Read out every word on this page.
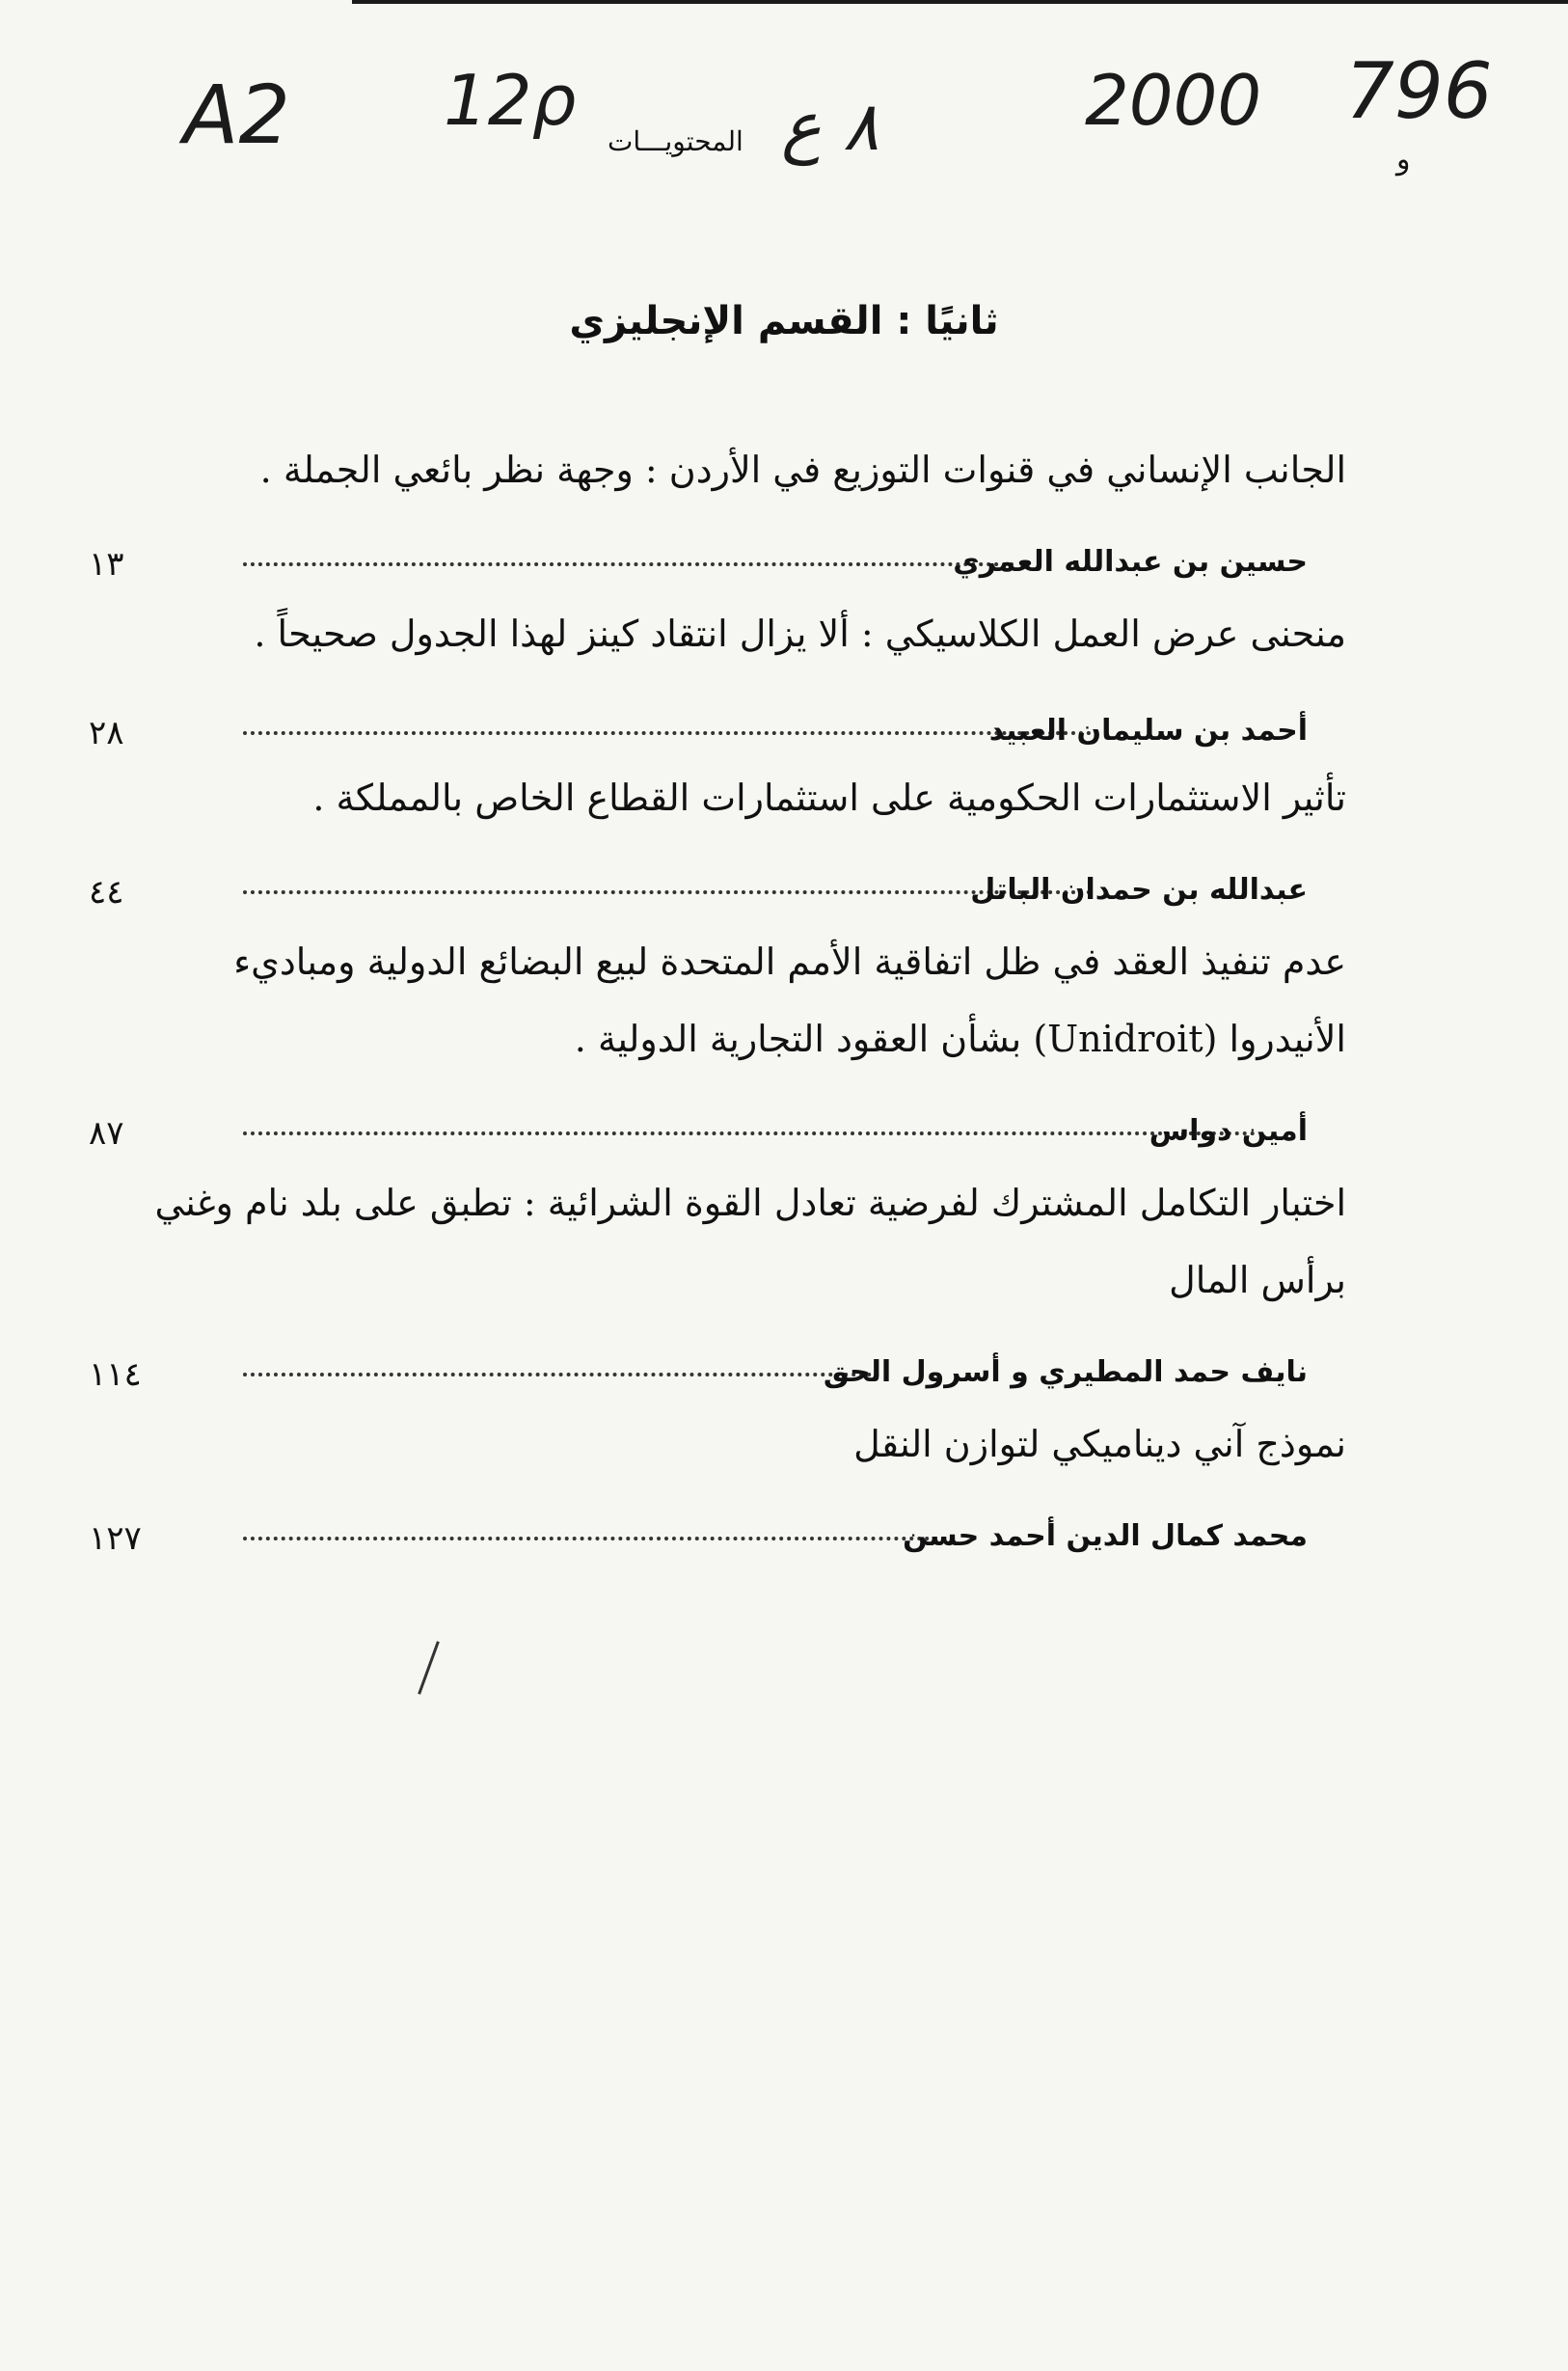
A2 12ρ	٨ ع	2000 796
المحتويـــات
و
ثانيًا : القسم الإنجليزي
الجانب الإنساني في قنوات التوزيع في الأردن : وجهة نظر بائعي الجملة .
١٣	حسين بن عبدالله العمري
منحنى عرض العمل الكلاسيكي : ألا يزال انتقاد كينز لهذا الجدول صحيحاً .
٢٨	أحمد بن سليمان العبيد
تأثير الاستثمارات الحكومية على استثمارات القطاع الخاص بالمملكة .
٤٤	عبدالله بن حمدان الباتل
عدم تنفيذ العقد في ظل اتفاقية الأمم المتحدة لبيع البضائع الدولية ومباديء
الأنيدروا (Unidroit) بشأن العقود التجارية الدولية .
٨٧	أمين دواس
اختبار التكامل المشترك لفرضية تعادل القوة الشرائية : تطبق على بلد نام وغني
برأس المال
١١٤	نايف حمد المطيري و أسرول الحق
نموذج آني ديناميكي لتوازن النقل
١٢٧	محمد كمال الدين أحمد حسن
